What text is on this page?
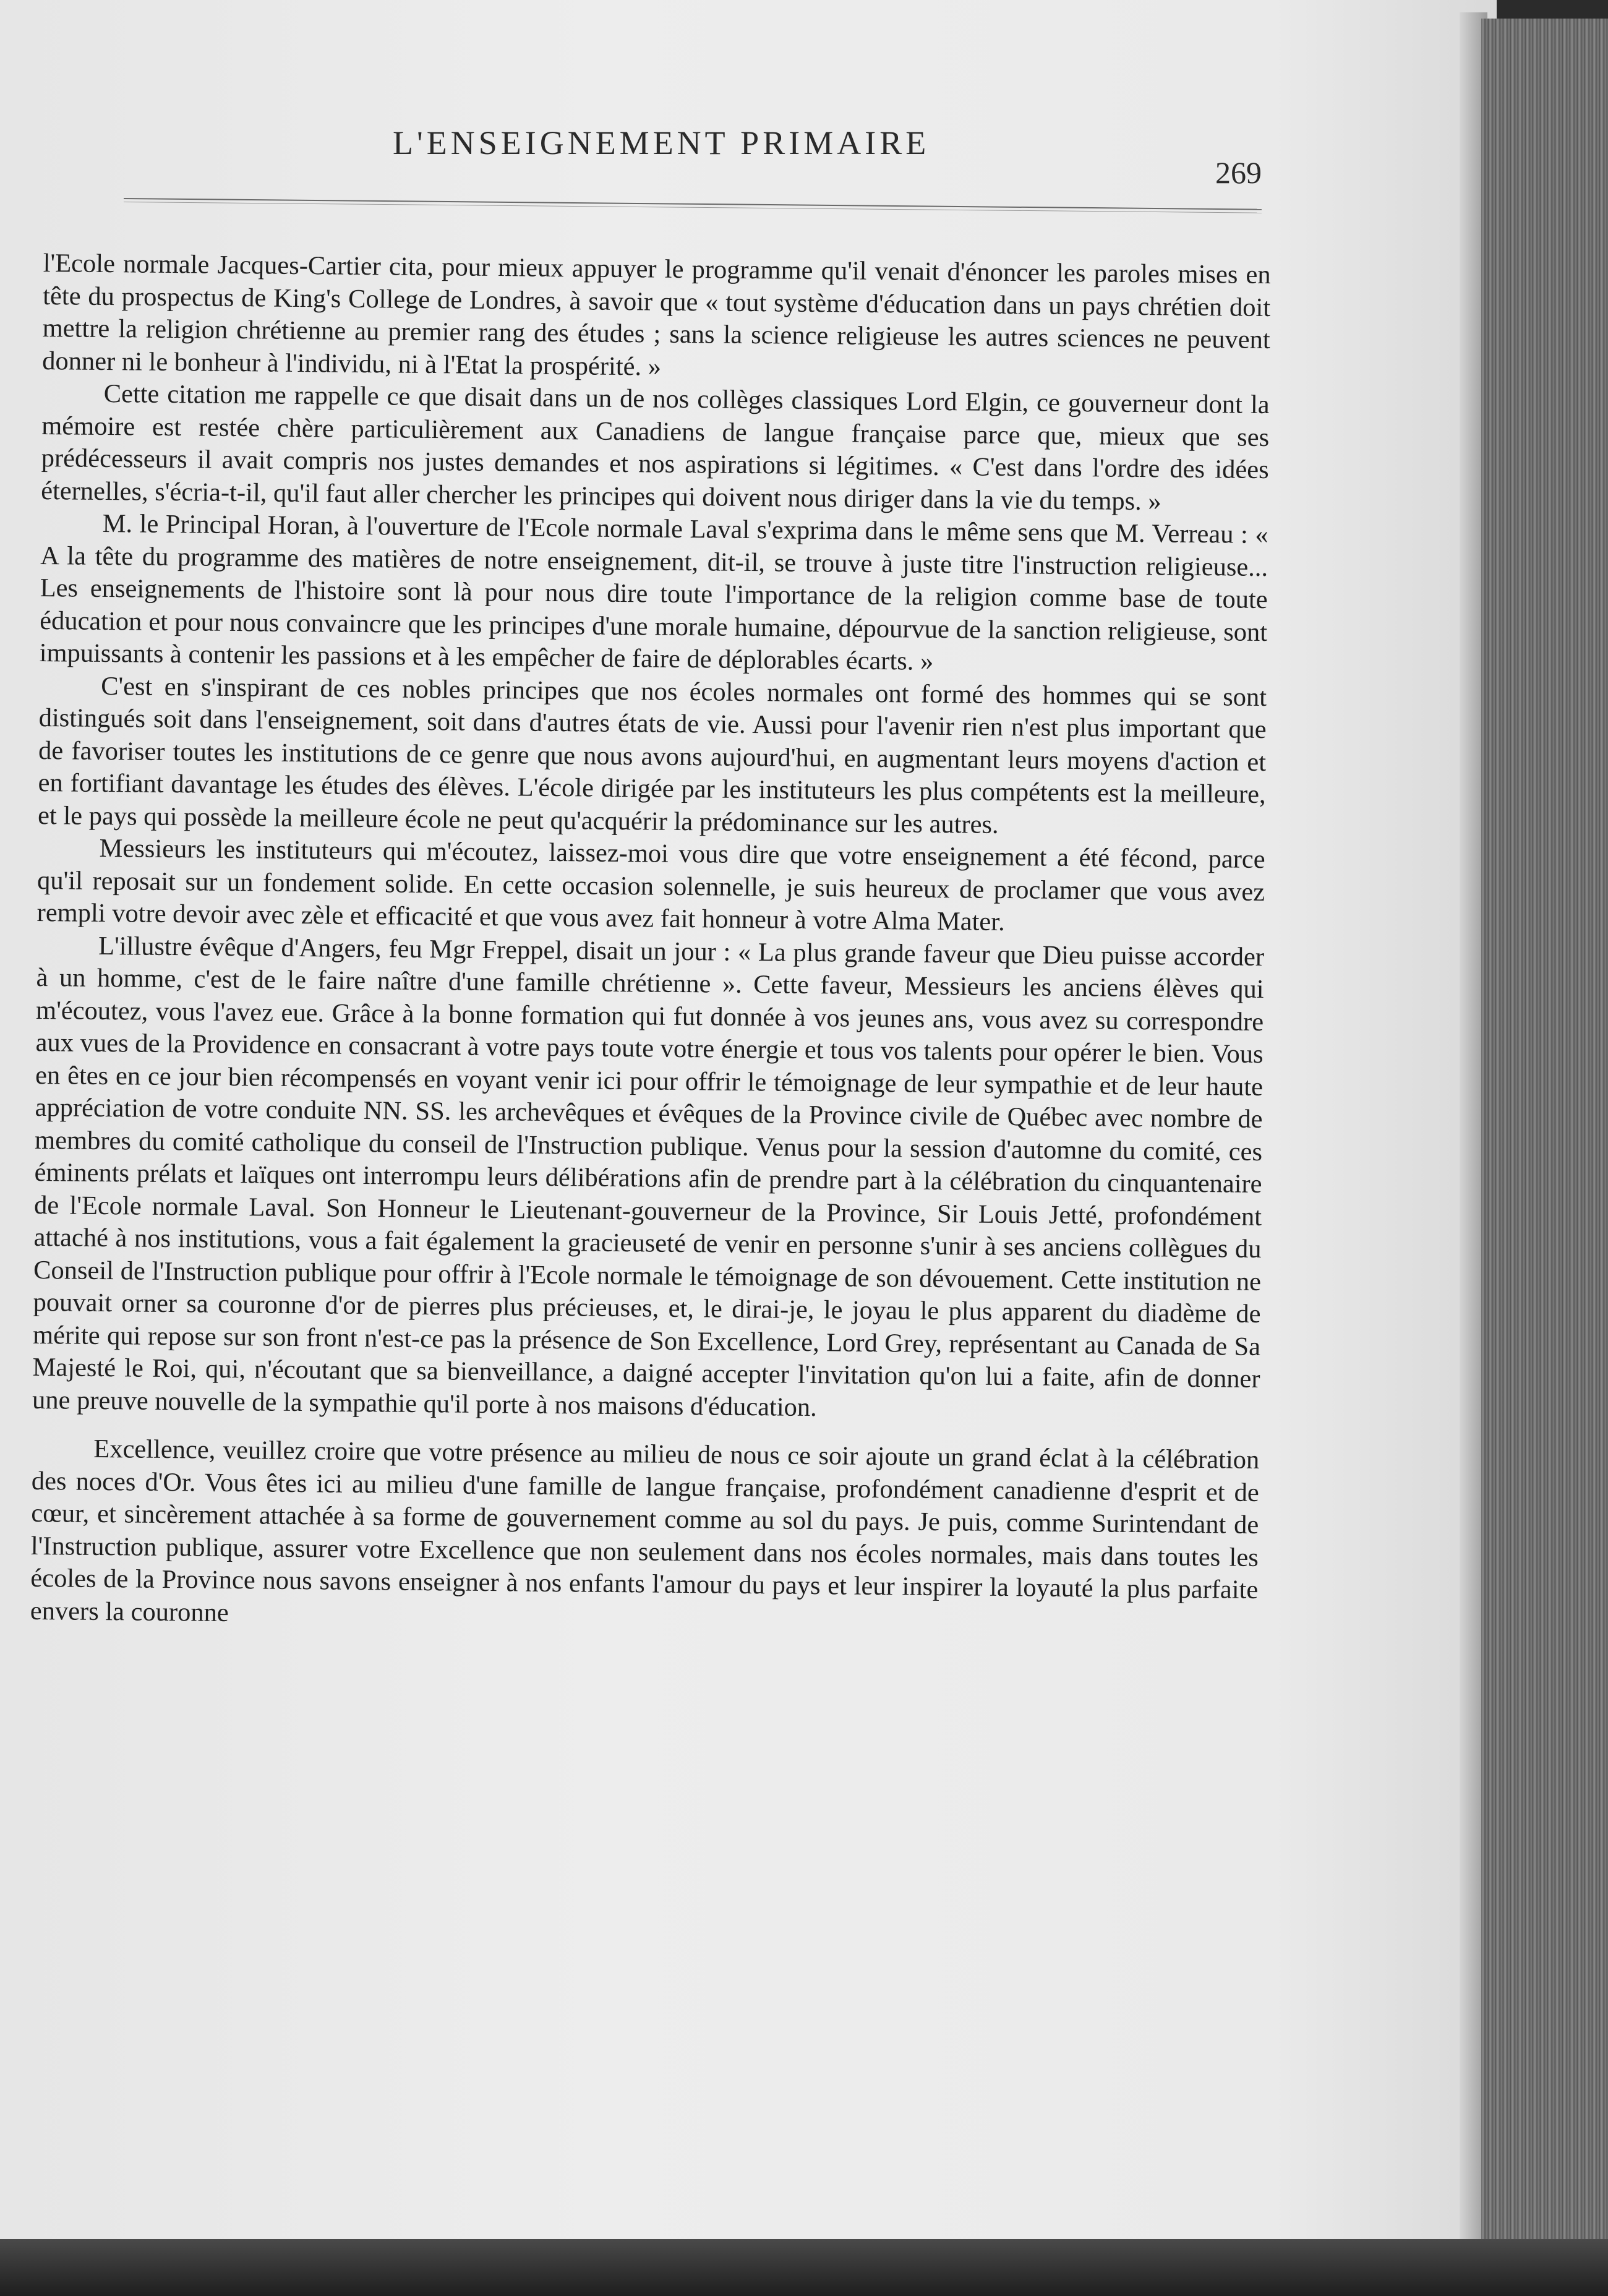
L'ENSEIGNEMENT PRIMAIRE
269

l'Ecole normale Jacques-Cartier cita, pour mieux appuyer le programme qu'il venait d'énoncer les paroles mises en tête du prospectus de King's College de Londres, à savoir que « tout système d'éducation dans un pays chrétien doit mettre la religion chrétienne au premier rang des études ; sans la science religieuse les autres sciences ne peuvent donner ni le bonheur à l'individu, ni à l'Etat la prospérité. »

Cette citation me rappelle ce que disait dans un de nos collèges classiques Lord Elgin, ce gouverneur dont la mémoire est restée chère particulièrement aux Canadiens de langue française parce que, mieux que ses prédécesseurs il avait compris nos justes demandes et nos aspirations si légitimes. « C'est dans l'ordre des idées éternelles, s'écria-t-il, qu'il faut aller chercher les principes qui doivent nous diriger dans la vie du temps. »

M. le Principal Horan, à l'ouverture de l'Ecole normale Laval s'exprima dans le même sens que M. Verreau : « A la tête du programme des matières de notre enseignement, dit-il, se trouve à juste titre l'instruction religieuse... Les enseignements de l'histoire sont là pour nous dire toute l'importance de la religion comme base de toute éducation et pour nous convaincre que les principes d'une morale humaine, dépourvue de la sanction religieuse, sont impuissants à contenir les passions et à les empêcher de faire de déplorables écarts. »

C'est en s'inspirant de ces nobles principes que nos écoles normales ont formé des hommes qui se sont distingués soit dans l'enseignement, soit dans d'autres états de vie. Aussi pour l'avenir rien n'est plus important que de favoriser toutes les institutions de ce genre que nous avons aujourd'hui, en augmentant leurs moyens d'action et en fortifiant davantage les études des élèves. L'école dirigée par les instituteurs les plus compétents est la meilleure, et le pays qui possède la meilleure école ne peut qu'acquérir la prédominance sur les autres.

Messieurs les instituteurs qui m'écoutez, laissez-moi vous dire que votre enseignement a été fécond, parce qu'il reposait sur un fondement solide. En cette occasion solennelle, je suis heureux de proclamer que vous avez rempli votre devoir avec zèle et efficacité et que vous avez fait honneur à votre Alma Mater.

L'illustre évêque d'Angers, feu Mgr Freppel, disait un jour : « La plus grande faveur que Dieu puisse accorder à un homme, c'est de le faire naître d'une famille chrétienne ». Cette faveur, Messieurs les anciens élèves qui m'écoutez, vous l'avez eue. Grâce à la bonne formation qui fut donnée à vos jeunes ans, vous avez su correspondre aux vues de la Providence en consacrant à votre pays toute votre énergie et tous vos talents pour opérer le bien. Vous en êtes en ce jour bien récompensés en voyant venir ici pour offrir le témoignage de leur sympathie et de leur haute appréciation de votre conduite NN. SS. les archevêques et évêques de la Province civile de Québec avec nombre de membres du comité catholique du conseil de l'Instruction publique. Venus pour la session d'automne du comité, ces éminents prélats et laïques ont interrompu leurs délibérations afin de prendre part à la célébration du cinquantenaire de l'Ecole normale Laval. Son Honneur le Lieutenant-gouverneur de la Province, Sir Louis Jetté, profondément attaché à nos institutions, vous a fait également la gracieuseté de venir en personne s'unir à ses anciens collègues du Conseil de l'Instruction publique pour offrir à l'Ecole normale le témoignage de son dévouement. Cette institution ne pouvait orner sa couronne d'or de pierres plus précieuses, et, le dirai-je, le joyau le plus apparent du diadème de mérite qui repose sur son front n'est-ce pas la présence de Son Excellence, Lord Grey, représentant au Canada de Sa Majesté le Roi, qui, n'écoutant que sa bienveillance, a daigné accepter l'invitation qu'on lui a faite, afin de donner une preuve nouvelle de la sympathie qu'il porte à nos maisons d'éducation.

Excellence, veuillez croire que votre présence au milieu de nous ce soir ajoute un grand éclat à la célébration des noces d'Or. Vous êtes ici au milieu d'une famille de langue française, profondément canadienne d'esprit et de cœur, et sincèrement attachée à sa forme de gouvernement comme au sol du pays. Je puis, comme Surintendant de l'Instruction publique, assurer votre Excellence que non seulement dans nos écoles normales, mais dans toutes les écoles de la Province nous savons enseigner à nos enfants l'amour du pays et leur inspirer la loyauté la plus parfaite envers la couronne
